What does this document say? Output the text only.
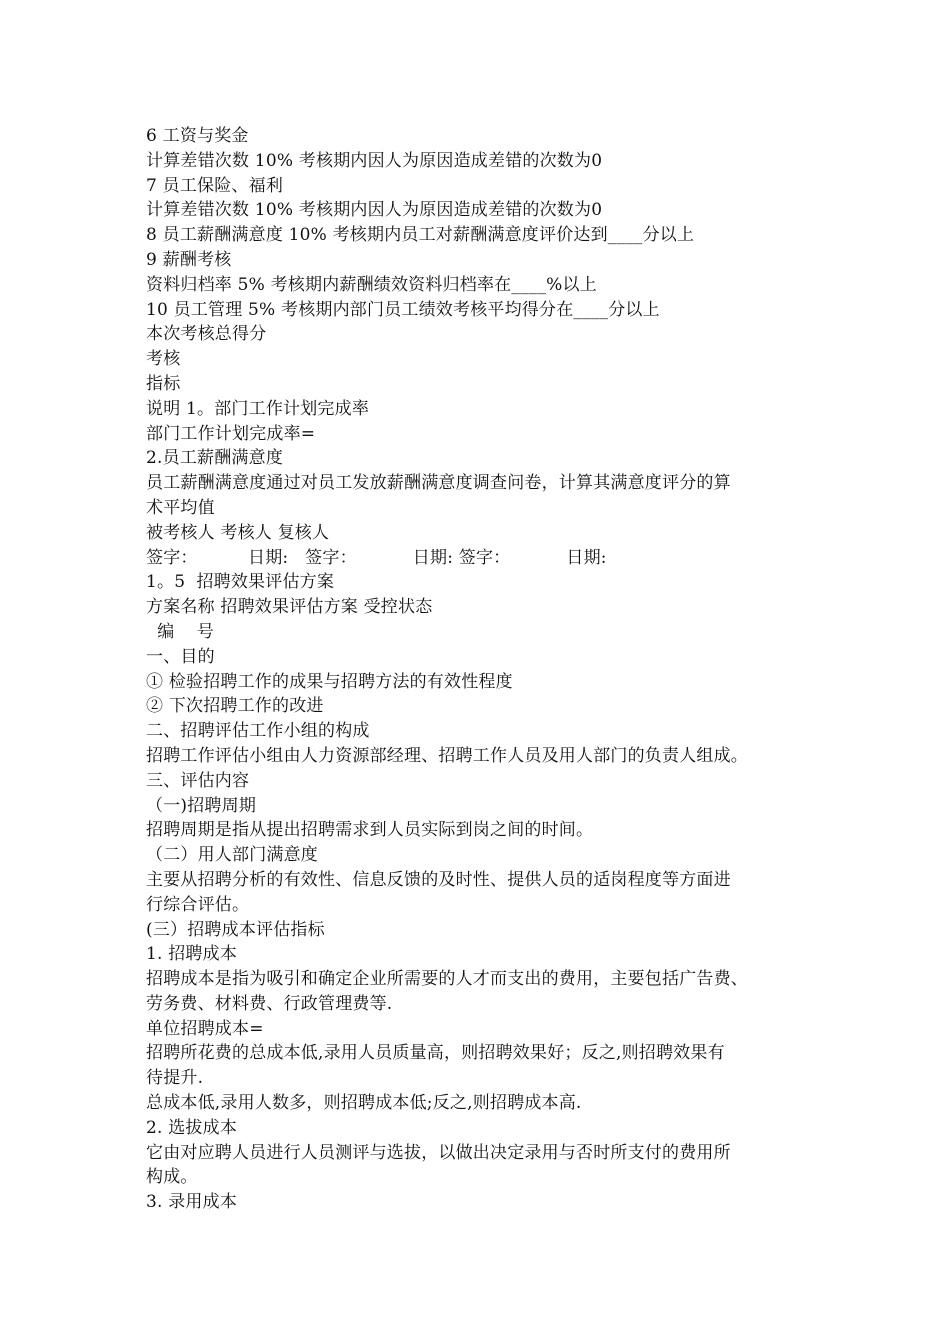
6 工资与奖金
计算差错次数 10% 考核期内因人为原因造成差错的次数为0
7 员工保险、福利
计算差错次数 10% 考核期内因人为原因造成差错的次数为0
8 员工薪酬满意度 10% 考核期内员工对薪酬满意度评价达到____分以上
9 薪酬考核
资料归档率 5% 考核期内薪酬绩效资料归档率在____%以上
10 员工管理 5% 考核期内部门员工绩效考核平均得分在____分以上
本次考核总得分
考核
指标
说明 1。部门工作计划完成率
部门工作计划完成率=
2.员工薪酬满意度
员工薪酬满意度通过对员工发放薪酬满意度调查问卷，计算其满意度评分的算
术平均值
被考核人 考核人 复核人
签字：         日期:   签字：          日期: 签字：          日期:
1。5  招聘效果评估方案
方案名称 招聘效果评估方案 受控状态
编    号
一、目的
① 检验招聘工作的成果与招聘方法的有效性程度
② 下次招聘工作的改进
二、招聘评估工作小组的构成
招聘工作评估小组由人力资源部经理、招聘工作人员及用人部门的负责人组成。
三、评估内容
（一)招聘周期
招聘周期是指从提出招聘需求到人员实际到岗之间的时间。
（二）用人部门满意度
主要从招聘分析的有效性、信息反馈的及时性、提供人员的适岗程度等方面进
行综合评估。
(三）招聘成本评估指标
1. 招聘成本
招聘成本是指为吸引和确定企业所需要的人才而支出的费用，主要包括广告费、
劳务费、材料费、行政管理费等.
单位招聘成本=
招聘所花费的总成本低,录用人员质量高，则招聘效果好；反之,则招聘效果有
待提升.
总成本低,录用人数多，则招聘成本低;反之,则招聘成本高.
2. 选拔成本
它由对应聘人员进行人员测评与选拔，以做出决定录用与否时所支付的费用所
构成。
3. 录用成本
